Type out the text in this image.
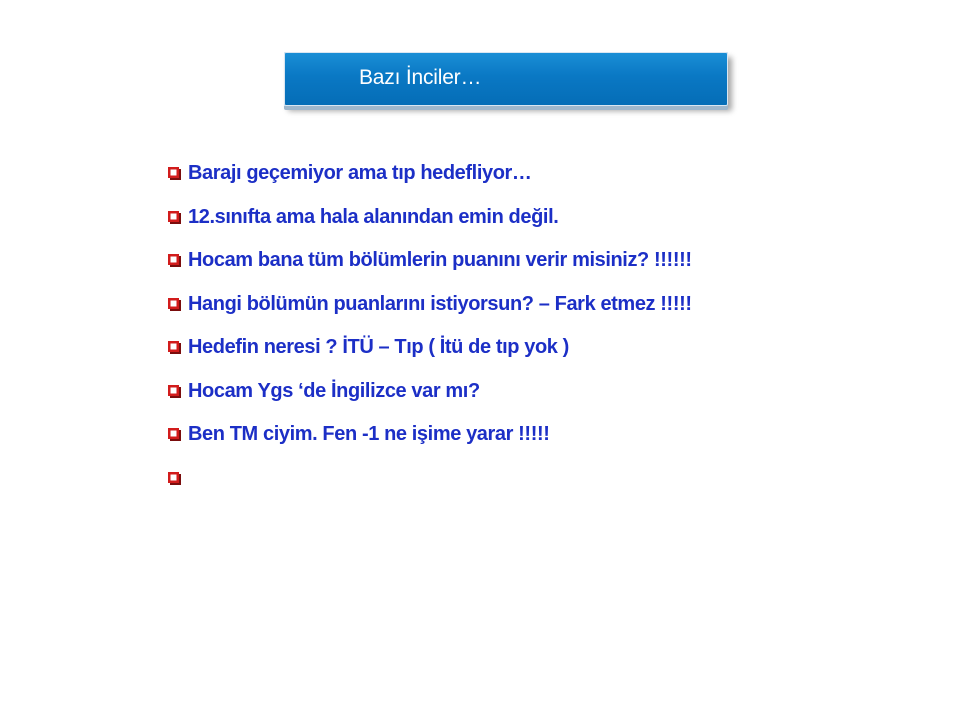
Bazı İnciler…
Barajı geçemiyor ama tıp hedefliyor…
12.sınıfta ama hala alanından emin değil.
Hocam bana tüm bölümlerin puanını verir misiniz? !!!!!!
Hangi bölümün puanlarını istiyorsun? – Fark etmez !!!!!
Hedefin neresi ? İTÜ – Tıp ( İtü de tıp yok )
Hocam Ygs ‘de İngilizce var mı?
Ben TM ciyim. Fen -1 ne işime yarar !!!!!
